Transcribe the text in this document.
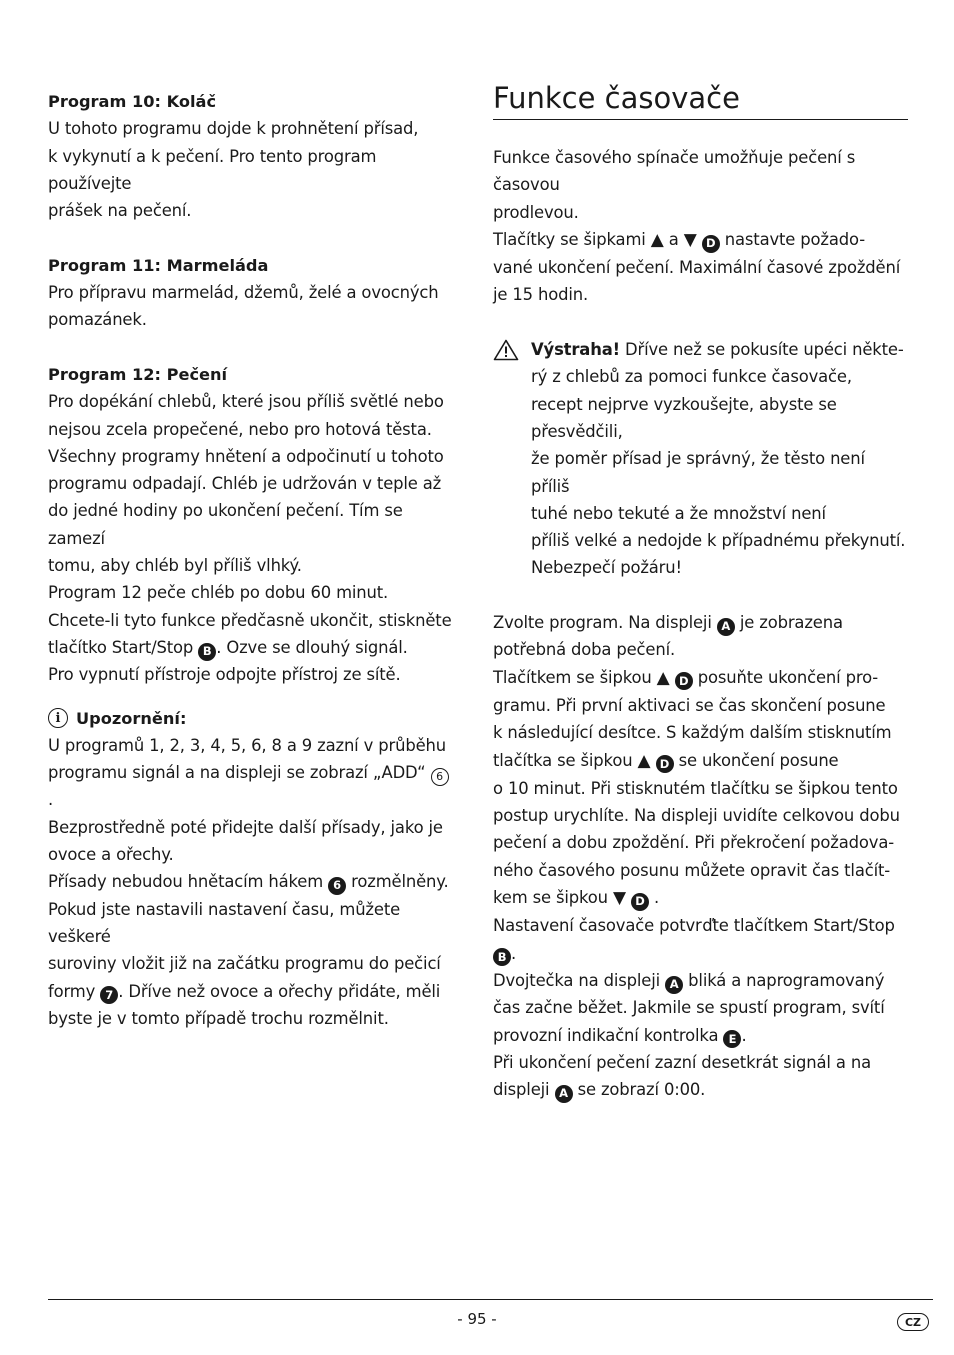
Program 10: Koláč

U tohoto programu dojde k prohnětení přísad,

k vykynutí a k pečení. Pro tento program používejte

prášek na pečení.

Program 11: Marmeláda

Pro přípravu marmelád, džemů, želé a ovocných

pomazánek.

Program 12: Pečení

Pro dopékání chlebů, které jsou příliš světlé nebo

nejsou zcela propečené, nebo pro hotová těsta.

Všechny programy hnětení a odpočinutí u tohoto

programu odpadají. Chléb je udržován v teple až

do jedné hodiny po ukončení pečení. Tím se zamezí

tomu, aby chléb byl příliš vlhký.

Program 12 peče chléb po dobu 60 minut.

Chcete-li tyto funkce předčasně ukončit, stiskněte

tlačítko Start/Stop B . Ozve se dlouhý signál.

Pro vypnutí přístroje odpojte přístroj ze sítě.

i Upozornění:

U programů 1, 2, 3, 4, 5, 6, 8 a 9 zazní v průběhu

programu signál a na displeji se zobrazí „ADD“ 6.

Bezprostředně poté přidejte další přísady, jako je

ovoce a ořechy.

Přísady nebudou hnětacím hákem 6 rozmělněny.

Pokud jste nastavili nastavení času, můžete veškeré

suroviny vložit již na začátku programu do pečicí

formy 7 . Dříve než ovoce a ořechy přidáte, měli

byste je v tomto případě trochu rozmělnit.

Funkce časovače

Funkce časového spínače umožňuje pečení s časovou

prodlevou.

Tlačítky se šipkami ▲ a ▼ D nastavte požado-

vané ukončení pečení. Maximální časové zpoždění

je 15 hodin.

Výstraha! Dříve než se pokusíte upéci někte-

rý z chlebů za pomoci funkce časovače,

recept nejprve vyzkoušejte, abyste se přesvědčili,

že poměr přísad je správný, že těsto není příliš

tuhé nebo tekuté a že množství není

příliš velké a nedojde k případnému překynutí.

Nebezpečí požáru!

Zvolte program. Na displeji A je zobrazena

potřebná doba pečení.

Tlačítkem se šipkou ▲ D posuňte ukončení pro-

gramu. Při první aktivaci se čas skončení posune

k následující desítce. S každým dalším stisknutím

tlačítka se šipkou ▲ D se ukončení posune

o 10 minut. Při stisknutém tlačítku se šipkou tento

postup urychlíte. Na displeji uvidíte celkovou dobu

pečení a dobu zpoždění. Při překročení požadova-

ného časového posunu můžete opravit čas tlačít-

kem se šipkou ▼ D .

Nastavení časovače potvrďte tlačítkem Start/Stop B .

Dvojtečka na displeji A bliká a naprogramovaný

čas začne běžet. Jakmile se spustí program, svítí

provozní indikační kontrolka E .

Při ukončení pečení zazní desetkrát signál a na

displeji A se zobrazí 0:00.

- 95 -	CZ
